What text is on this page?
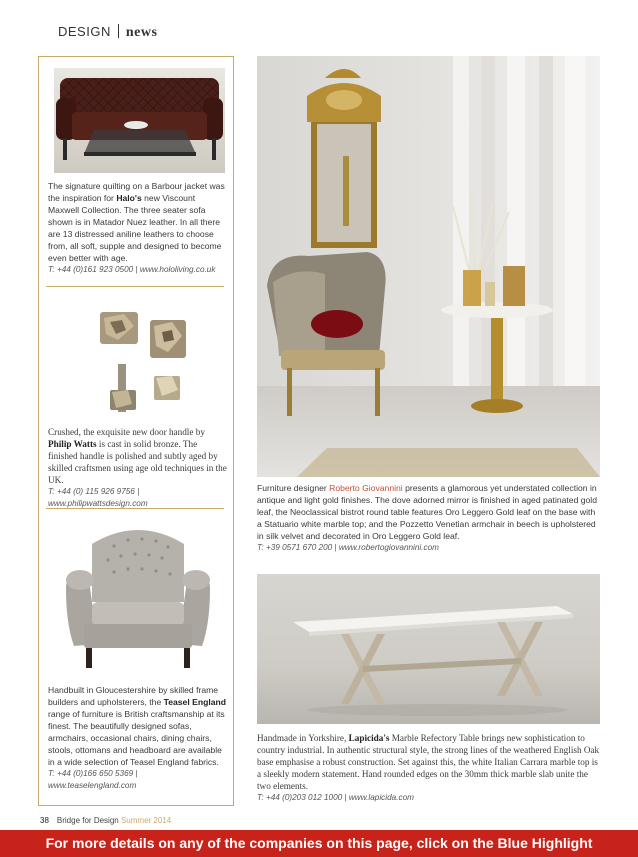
DESIGN news
The signature quilting on a Barbour jacket was the inspiration for Halo's new Viscount Maxwell Collection. The three seater sofa shown is in Matador Nuez leather. In all there are 13 distressed aniline leathers to choose from, all soft, supple and designed to become even better with age.
T: +44 (0)161 923 0500 | www.hololiving.co.uk
Crushed, the exquisite new door handle by Philip Watts is cast in solid bronze. The finished handle is polished and subtly aged by skilled craftsmen using age old techniques in the UK.
T: +44 (0) 115 926 9756 | www.philipwattsdesign.com
Handbuilt in Gloucestershire by skilled frame builders and upholsterers, the Teasel England range of furniture is British craftsmanship at its finest. The beautifully designed sofas, armchairs, occasional chairs, dining chairs, stools, ottomans and headboard are available in a wide selection of Teasel England fabrics.
T: +44 (0)166 650 5369 | www.teaselengland.com
Furniture designer Roberto Giovannini presents a glamorous yet understated collection in antique and light gold finishes. The dove adorned mirror is finished in aged patinated gold leaf, the Neoclassical bistrot round table features Oro Leggero Gold leaf on the base with a Statuario white marble top; and the Pozzetto Venetian armchair in beech is upholstered in silk velvet and decorated in Oro Leggero Gold leaf.
T: +39 0571 670 200 | www.robertogiovannini.com
Handmade in Yorkshire, Lapicida's Marble Refectory Table brings new sophistication to country industrial. In authentic structural style, the strong lines of the weathered English Oak base emphasise a robust construction. Set against this, the white Italian Carrara marble top is a sleekly modern statement. Hand rounded edges on the 30mm thick marble slab unite the two elements.
T: +44 (0)203 012 1000 | www.lapicida.com
38 Bridge for Design Summer 2014
For more details on any of the companies on this page, click on the Blue Highlight
